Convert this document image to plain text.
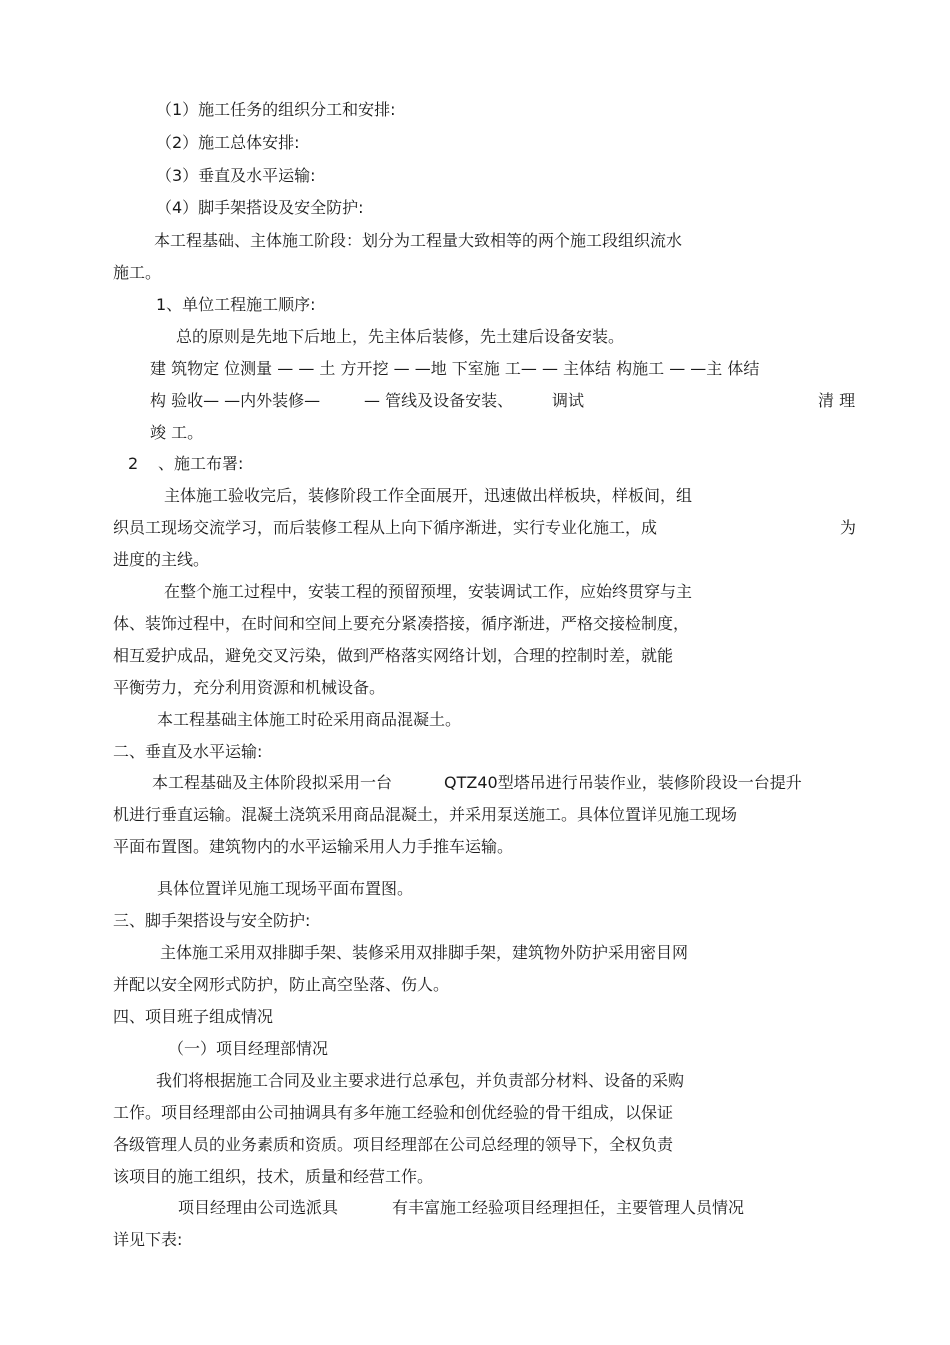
（1）施工任务的组织分工和安排:

（2）施工总体安排:

（3）垂直及水平运输:

（4）脚手架搭设及安全防护:

本工程基础、主体施工阶段：划分为工程量大致相等的两个施工段组织流水

施工。

1、单位工程施工顺序:

总的原则是先地下后地上，先主体后装修，先土建后设备安装。

建 筑物定 位测量 — — 土 方开挖 — —地 下室施 工— — 主体结 构施工 — —主 体结

构 验收— —内外装修—	— 管线及设备安装、 调试	清 理

竣 工。

2 、施工布署:

主体施工验收完后，装修阶段工作全面展开，迅速做出样板块，样板间，组

织员工现场交流学习，而后装修工程从上向下循序渐进，实行专业化施工，成	为

进度的主线。

在整个施工过程中，安装工程的预留预埋，安装调试工作，应始终贯穿与主

体、装饰过程中，在时间和空间上要充分紧凑搭接，循序渐进，严格交接检制度，

相互爱护成品，避免交叉污染，做到严格落实网络计划，合理的控制时差，就能

平衡劳力，充分利用资源和机械设备。

本工程基础主体施工时砼采用商品混凝土。

二、垂直及水平运输:

本工程基础及主体阶段拟采用一台	QTZ40型塔吊进行吊装作业，装修阶段设一台提升

机进行垂直运输。混凝土浇筑采用商品混凝土，并采用泵送施工。具体位置详见施工现场

平面布置图。建筑物内的水平运输采用人力手推车运输。

具体位置详见施工现场平面布置图。

三、脚手架搭设与安全防护:

主体施工采用双排脚手架、装修采用双排脚手架，建筑物外防护采用密目网

并配以安全网形式防护，防止高空坠落、伤人。

四、项目班子组成情况

（一）项目经理部情况

我们将根据施工合同及业主要求进行总承包，并负责部分材料、设备的采购

工作。项目经理部由公司抽调具有多年施工经验和创优经验的骨干组成，以保证

各级管理人员的业务素质和资质。项目经理部在公司总经理的领导下，全权负责

该项目的施工组织，技术，质量和经营工作。

项目经理由公司选派具	有丰富施工经验项目经理担任，主要管理人员情况

详见下表:
